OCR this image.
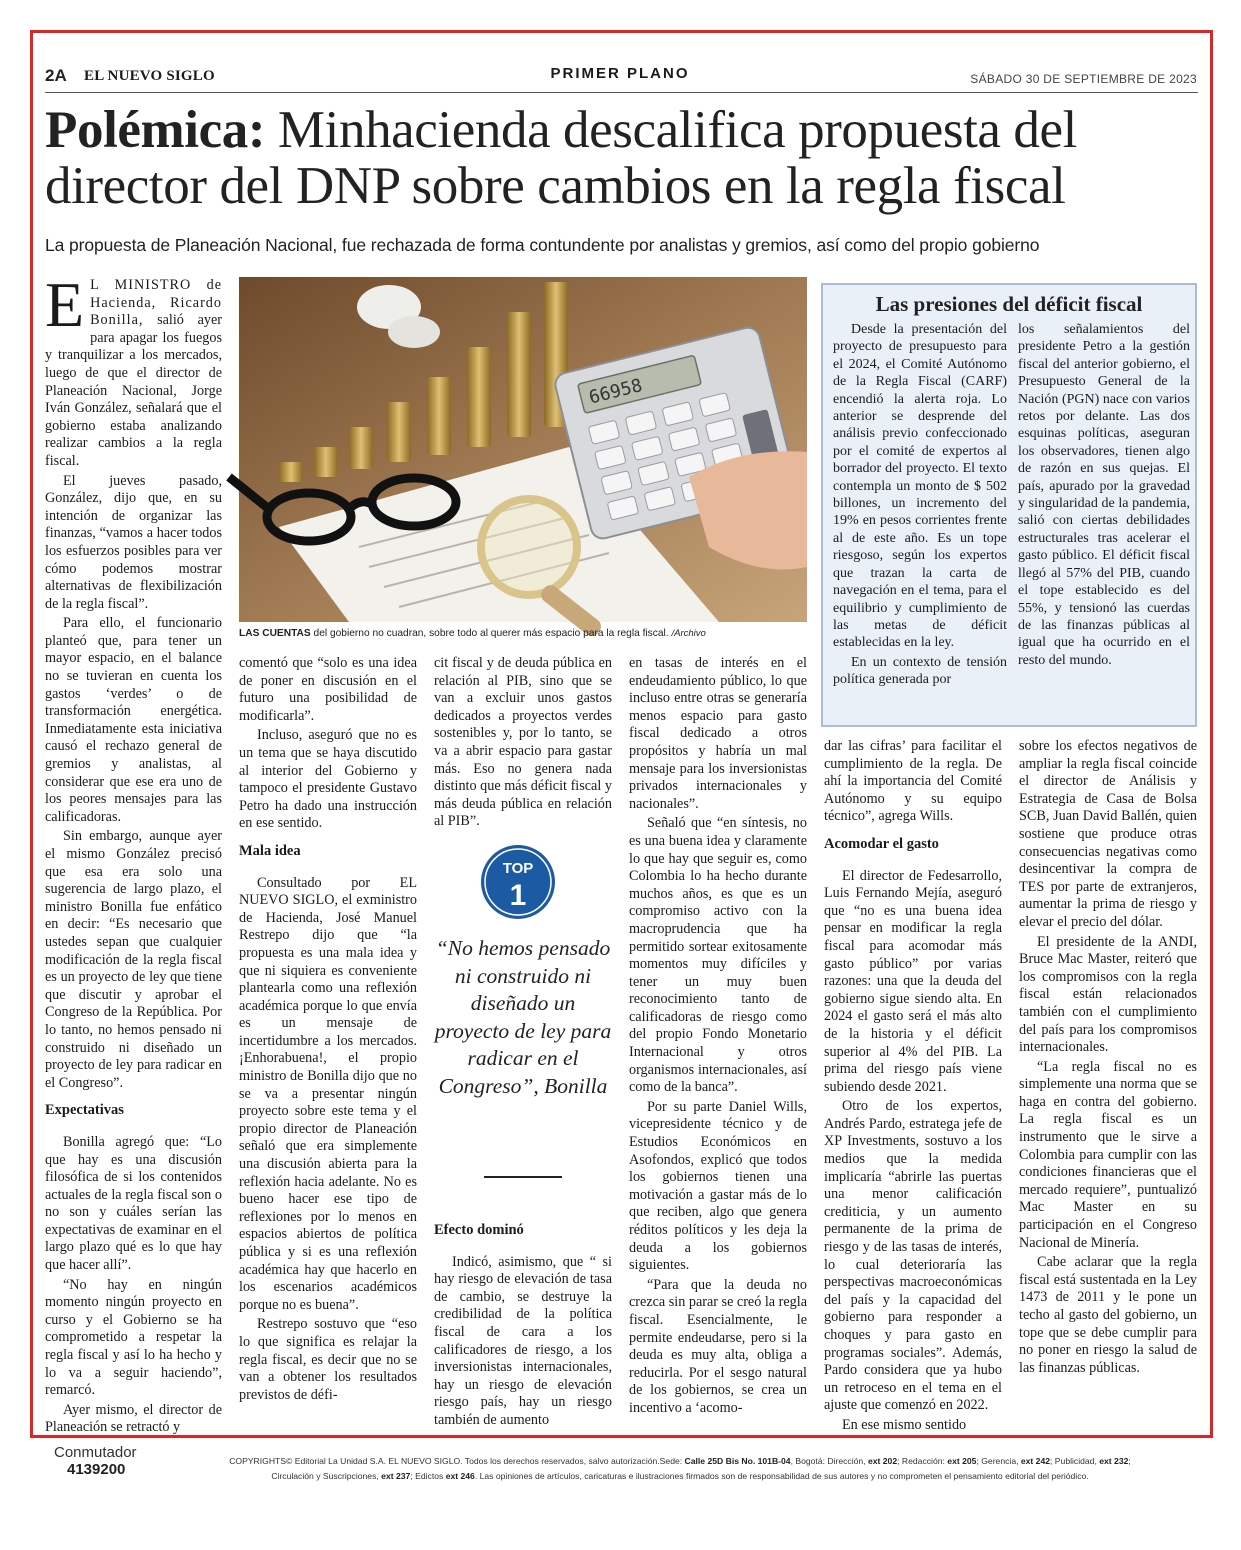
2A EL NUEVO SIGLO	PRIMER PLANO	SÁBADO 30 DE SEPTIEMBRE DE 2023
Polémica: Minhacienda descalifica propuesta del director del DNP sobre cambios en la regla fiscal
La propuesta de Planeación Nacional, fue rechazada de forma contundente por analistas y gremios, así como del propio gobierno

E L MINISTRO de Hacienda, Ricardo Bonilla, salió ayer para apagar los fuegos y tranquilizar a los mercados, luego de que el director de Planeación Nacional, Jorge Iván González, señalará que el gobierno estaba analizando realizar cambios a la regla fiscal.

El jueves pasado, González, dijo que, en su intención de organizar las finanzas, “vamos a hacer todos los esfuerzos posibles para ver cómo podemos mostrar alternativas de flexibilización de la regla fiscal”.

Para ello, el funcionario planteó que, para tener un mayor espacio, en el balance no se tuvieran en cuenta los gastos ‘verdes’ o de transformación energética. Inmediatamente esta iniciativa causó el rechazo general de gremios y analistas, al considerar que ese era uno de los peores mensajes para las calificadoras.

Sin embargo, aunque ayer el mismo González precisó que esa era solo una sugerencia de largo plazo, el ministro Bonilla fue enfático en decir: “Es necesario que ustedes sepan que cualquier modificación de la regla fiscal es un proyecto de ley que tiene que discutir y aprobar el Congreso de la República. Por lo tanto, no hemos pensado ni construido ni diseñado un proyecto de ley para radicar en el Congreso”.

Expectativas

Bonilla agregó que: “Lo que hay es una discusión filosófica de si los contenidos actuales de la regla fiscal son o no son y cuáles serían las expectativas de examinar en el largo plazo qué es lo que hay que hacer allí”.

“No hay en ningún momento ningún proyecto en curso y el Gobierno se ha comprometido a respetar la regla fiscal y así lo ha hecho y lo va a seguir haciendo”, remarcó.

Ayer mismo, el director de Planeación se retractó y

66958
LAS CUENTAS del gobierno no cuadran, sobre todo al querer más espacio para la regla fiscal. /Archivo
Las presiones del déficit fiscal

Desde la presentación del proyecto de presupuesto para el 2024, el Comité Autónomo de la Regla Fiscal (CARF) encendió la alerta roja. Lo anterior se desprende del análisis previo confeccionado por el comité de expertos al borrador del proyecto. El texto contempla un monto de $ 502 billones, un incremento del 19% en pesos corrientes frente al de este año. Es un tope riesgoso, según los expertos que trazan la carta de navegación en el tema, para el equilibrio y cumplimiento de las metas de déficit establecidas en la ley.

En un contexto de tensión política generada por

los señalamientos del presidente Petro a la gestión fiscal del anterior gobierno, el Presupuesto General de la Nación (PGN) nace con varios retos por delante. Las dos esquinas políticas, aseguran los observadores, tienen algo de razón en sus quejas. El país, apurado por la gravedad y singularidad de la pandemia, salió con ciertas debilidades estructurales tras acelerar el gasto público. El déficit fiscal llegó al 57% del PIB, cuando el tope establecido es del 55%, y tensionó las cuerdas de las finanzas públicas al igual que ha ocurrido en el resto del mundo.

comentó que “solo es una idea de poner en discusión en el futuro una posibilidad de modificarla”.

Incluso, aseguró que no es un tema que se haya discutido al interior del Gobierno y tampoco el presidente Gustavo Petro ha dado una instrucción en ese sentido.

Mala idea

Consultado por EL NUEVO SIGLO, el exministro de Hacienda, José Manuel Restrepo dijo que “la propuesta es una mala idea y que ni siquiera es conveniente plantearla como una reflexión académica porque lo que envía es un mensaje de incertidumbre a los mercados. ¡Enhorabuena!, el propio ministro de Bonilla dijo que no se va a presentar ningún proyecto sobre este tema y el propio director de Planeación señaló que era simplemente una discusión abierta para la reflexión hacia adelante. No es bueno hacer ese tipo de reflexiones por lo menos en espacios abiertos de política pública y si es una reflexión académica hay que hacerlo en los escenarios académicos porque no es buena”.

Restrepo sostuvo que “eso lo que significa es relajar la regla fiscal, es decir que no se van a obtener los resultados previstos de défi-

cit fiscal y de deuda pública en relación al PIB, sino que se van a excluir unos gastos dedicados a proyectos verdes sostenibles y, por lo tanto, se va a abrir espacio para gastar más. Eso no genera nada distinto que más déficit fiscal y más deuda pública en relación al PIB”.

TOP
1
“No hemos pensado ni construido ni diseñado un proyecto de ley para radicar en el Congreso”, Bonilla
Efecto dominó

Indicó, asimismo, que “ si hay riesgo de elevación de tasa de cambio, se destruye la credibilidad de la política fiscal de cara a los calificadores de riesgo, a los inversionistas internacionales, hay un riesgo de elevación riesgo país, hay un riesgo también de aumento

en tasas de interés en el endeudamiento público, lo que incluso entre otras se generaría menos espacio para gasto fiscal dedicado a otros propósitos y habría un mal mensaje para los inversionistas privados internacionales y nacionales”.

Señaló que “en síntesis, no es una buena idea y claramente lo que hay que seguir es, como Colombia lo ha hecho durante muchos años, es que es un compromiso activo con la macroprudencia que ha permitido sortear exitosamente momentos muy difíciles y tener un muy buen reconocimiento tanto de calificadoras de riesgo como del propio Fondo Monetario Internacional y otros organismos internacionales, así como de la banca”.

Por su parte Daniel Wills, vicepresidente técnico y de Estudios Económicos en Asofondos, explicó que todos los gobiernos tienen una motivación a gastar más de lo que reciben, algo que genera réditos políticos y les deja la deuda a los gobiernos siguientes.

“Para que la deuda no crezca sin parar se creó la regla fiscal. Esencialmente, le permite endeudarse, pero si la deuda es muy alta, obliga a reducirla. Por el sesgo natural de los gobiernos, se crea un incentivo a ‘acomo-

dar las cifras’ para facilitar el cumplimiento de la regla. De ahí la importancia del Comité Autónomo y su equipo técnico”, agrega Wills.

Acomodar el gasto

El director de Fedesarrollo, Luis Fernando Mejía, aseguró que “no es una buena idea pensar en modificar la regla fiscal para acomodar más gasto público” por varias razones: una que la deuda del gobierno sigue siendo alta. En 2024 el gasto será el más alto de la historia y el déficit superior al 4% del PIB. La prima del riesgo país viene subiendo desde 2021.

Otro de los expertos, Andrés Pardo, estratega jefe de XP Investments, sostuvo a los medios que la medida implicaría “abrirle las puertas una menor calificación crediticia, y un aumento permanente de la prima de riesgo y de las tasas de interés, lo cual deterioraría las perspectivas macroeconómicas del país y la capacidad del gobierno para responder a choques y para gasto en programas sociales”. Además, Pardo considera que ya hubo un retroceso en el tema en el ajuste que comenzó en 2022.

En ese mismo sentido

sobre los efectos negativos de ampliar la regla fiscal coincide el director de Análisis y Estrategia de Casa de Bolsa SCB, Juan David Ballén, quien sostiene que produce otras consecuencias negativas como desincentivar la compra de TES por parte de extranjeros, aumentar la prima de riesgo y elevar el precio del dólar.

El presidente de la ANDI, Bruce Mac Master, reiteró que los compromisos con la regla fiscal están relacionados también con el cumplimiento del país para los compromisos internacionales.

“La regla fiscal no es simplemente una norma que se haga en contra del gobierno. La regla fiscal es un instrumento que le sirve a Colombia para cumplir con las condiciones financieras que el mercado requiere”, puntualizó Mac Master en su participación en el Congreso Nacional de Minería.

Cabe aclarar que la regla fiscal está sustentada en la Ley 1473 de 2011 y le pone un techo al gasto del gobierno, un tope que se debe cumplir para no poner en riesgo la salud de las finanzas públicas.

Conmutador
4139200	COPYRIGHTS© Editorial La Unidad S.A. EL NUEVO SIGLO. Todos los derechos reservados, salvo autorización.Sede: Calle 25D Bis No. 101B-04, Bogotá: Dirección, ext 202; Redacción: ext 205; Gerencia, ext 242; Publicidad, ext 232;
Circulación y Suscripciones, ext 237; Edictos ext 246. Las opiniones de artículos, caricaturas e ilustraciones firmados son de responsabilidad de sus autores y no comprometen el pensamiento editorial del periódico.
